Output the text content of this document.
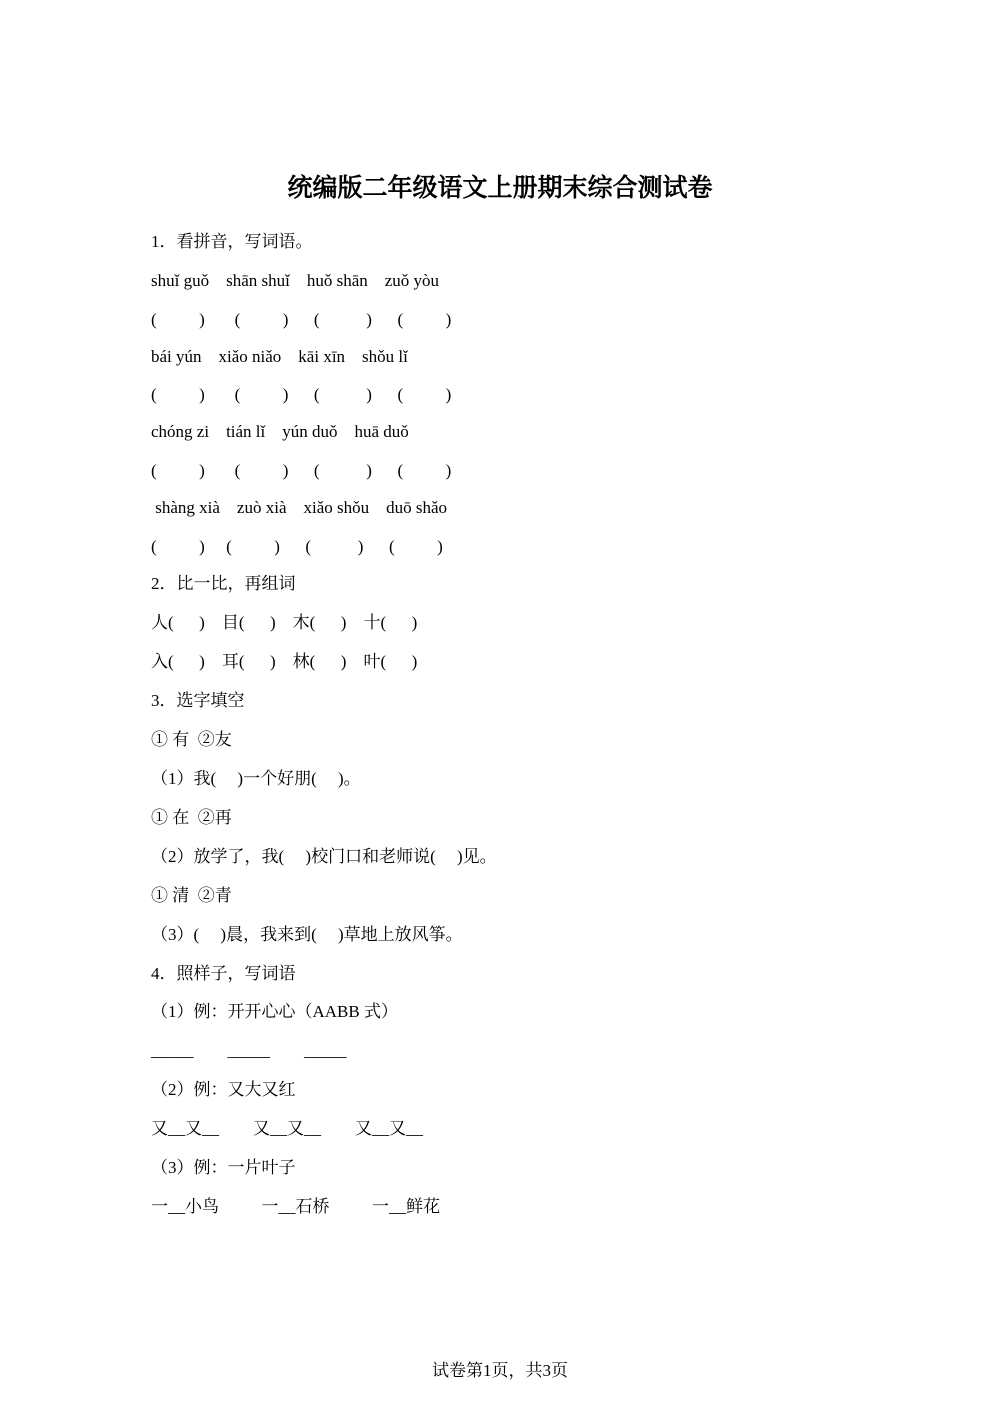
统编版二年级语文上册期末综合测试卷
1．看拼音，写词语。
shuǐ guǒ    shān shuǐ    huǒ shān    zuǒ yòu
(          )       (          )      (           )      (          )
bái yún    xiǎo niǎo    kāi xīn    shǒu lǐ
(          )       (          )      (           )      (          )
chóng zi    tián lǐ    yún duǒ    huā duǒ
(          )       (          )      (           )      (          )
shàng xià    zuò xià    xiǎo shǒu    duō shǎo
(          )     (          )      (           )      (          )
2．比一比，再组词
人(      )    目(      )    木(      )    十(      )
入(      )    耳(      )    林(      )    叶(      )
3．选字填空
① 有  ②友
（1）我(     )一个好朋(     )。
① 在  ②再
（2）放学了，我(     )校门口和老师说(     )见。
① 清  ②青
（3）(     )晨，我来到(     )草地上放风筝。
4．照样子，写词语
（1）例：开开心心（AABB 式）
_____        _____        _____
（2）例：又大又红
又__又__        又__又__        又__又__
（3）例：一片叶子
一__小鸟          一__石桥          一__鲜花
试卷第1页，共3页
